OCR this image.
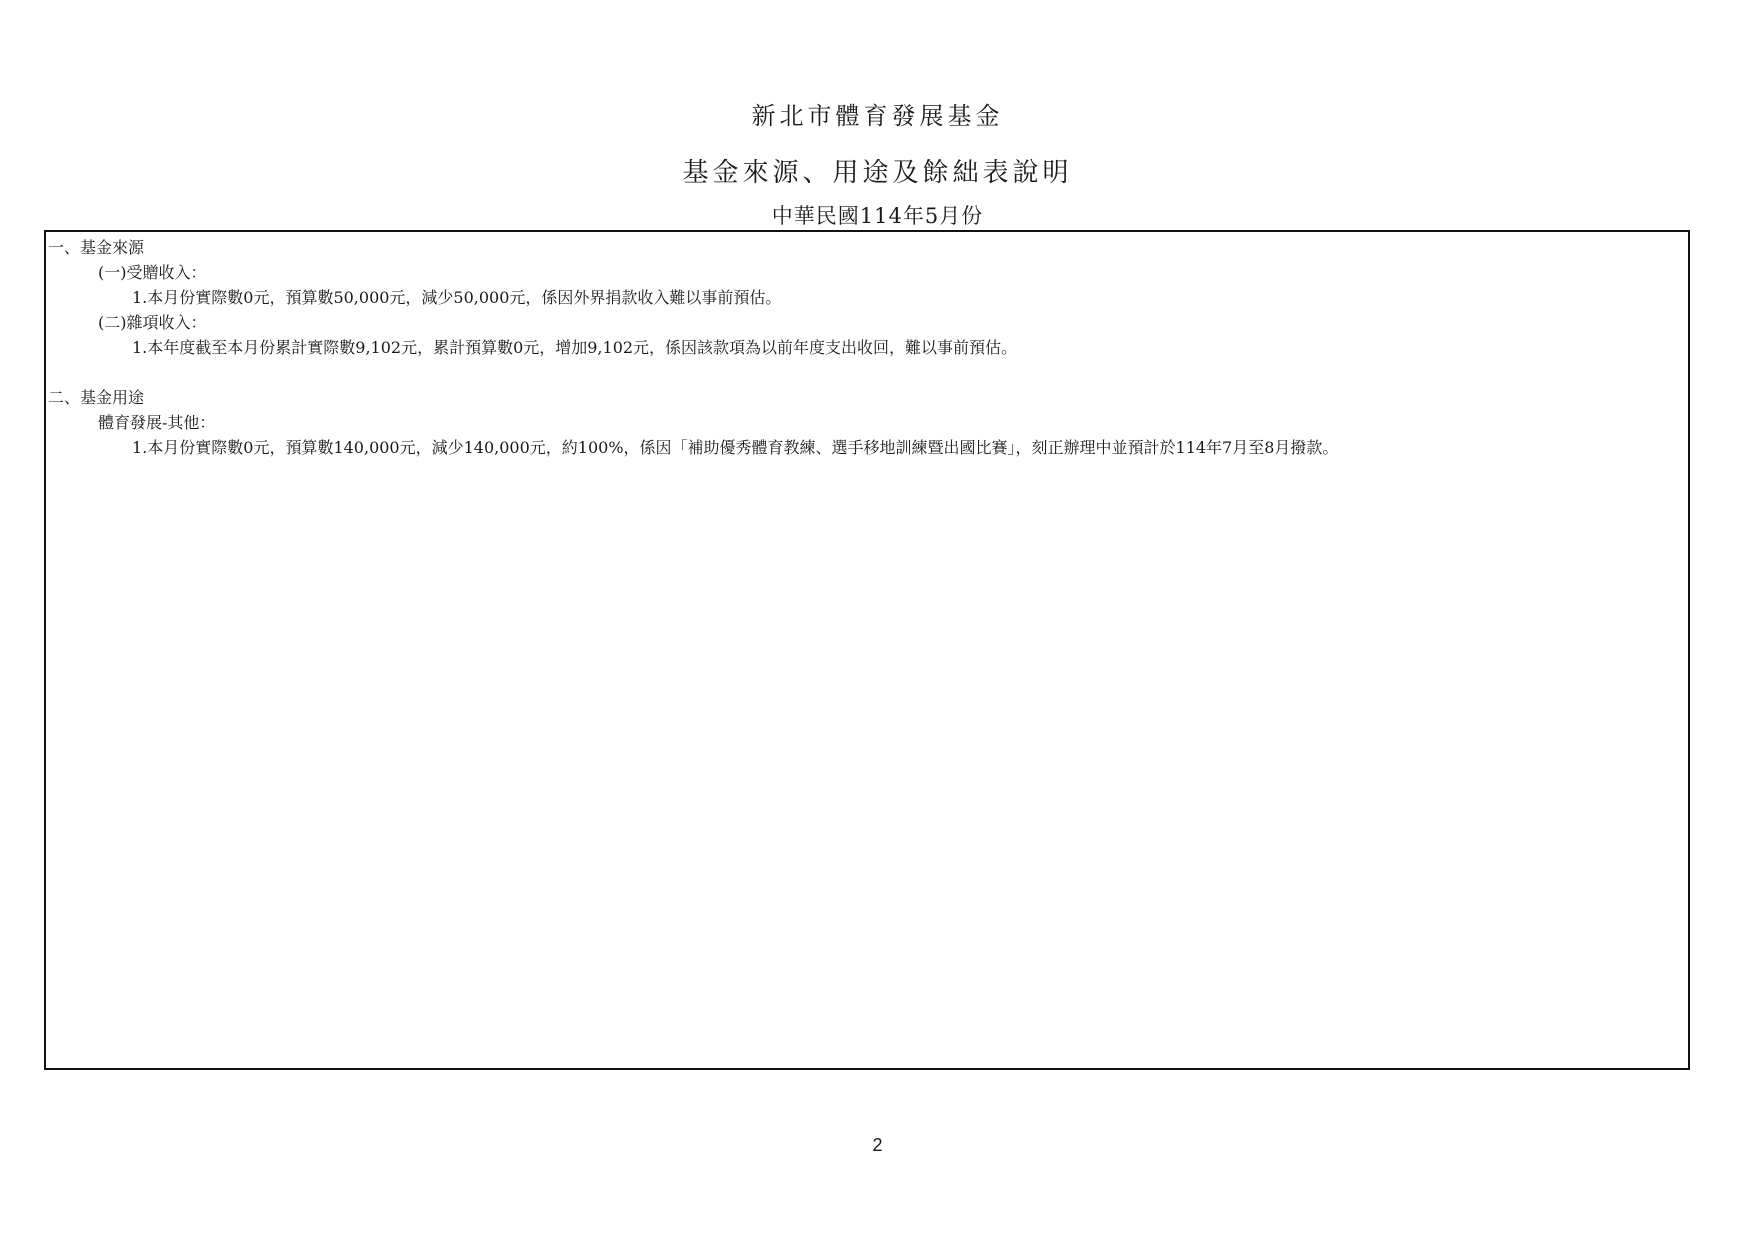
新北市體育發展基金
基金來源、用途及餘絀表說明
中華民國114年5月份
一、基金來源
(一)受贈收入：
1.本月份實際數0元，預算數50,000元，減少50,000元，係因外界捐款收入難以事前預估。
(二)雜項收入：
1.本年度截至本月份累計實際數9,102元，累計預算數0元，增加9,102元，係因該款項為以前年度支出收回，難以事前預估。
二、基金用途
體育發展-其他：
1.本月份實際數0元，預算數140,000元，減少140,000元，約100%，係因「補助優秀體育教練、選手移地訓練暨出國比賽」，刻正辦理中並預計於114年7月至8月撥款。
2
